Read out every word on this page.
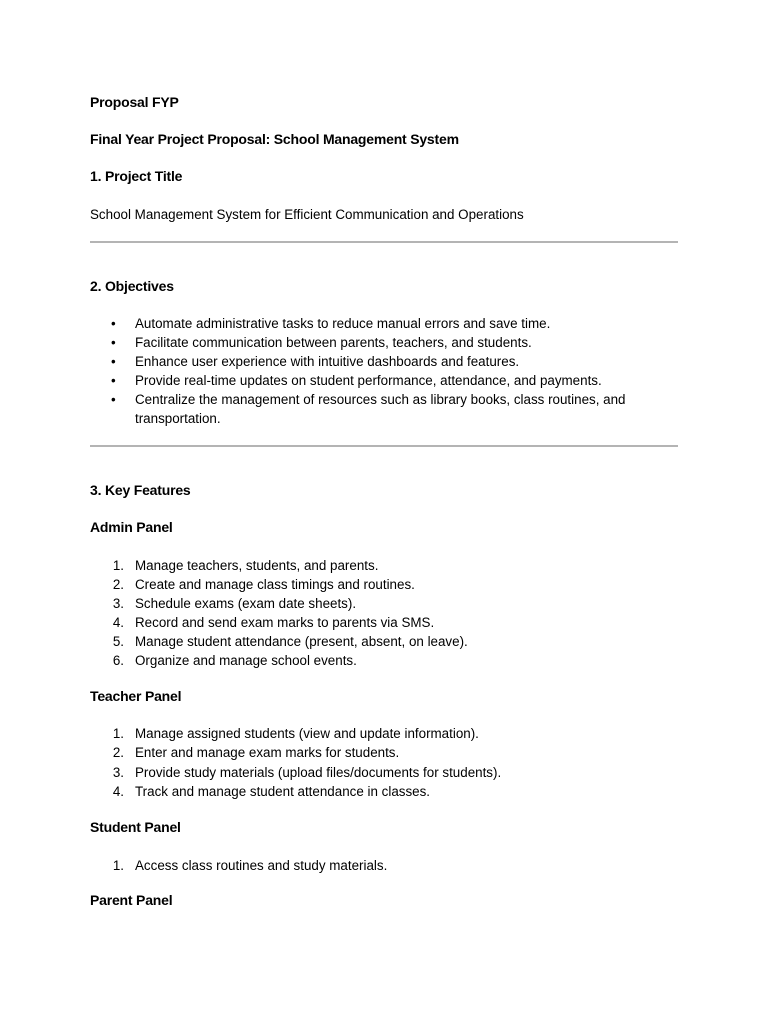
Proposal FYP
Final Year Project Proposal: School Management System
1. Project Title
School Management System for Efficient Communication and Operations
2. Objectives
• Automate administrative tasks to reduce manual errors and save time.
• Facilitate communication between parents, teachers, and students.
• Enhance user experience with intuitive dashboards and features.
• Provide real-time updates on student performance, attendance, and payments.
• Centralize the management of resources such as library books, class routines, and
transportation.
3. Key Features
Admin Panel
1. Manage teachers, students, and parents.
2. Create and manage class timings and routines.
3. Schedule exams (exam date sheets).
4. Record and send exam marks to parents via SMS.
5. Manage student attendance (present, absent, on leave).
6. Organize and manage school events.
Teacher Panel
1. Manage assigned students (view and update information).
2. Enter and manage exam marks for students.
3. Provide study materials (upload files/documents for students).
4. Track and manage student attendance in classes.
Student Panel
1. Access class routines and study materials.
Parent Panel
